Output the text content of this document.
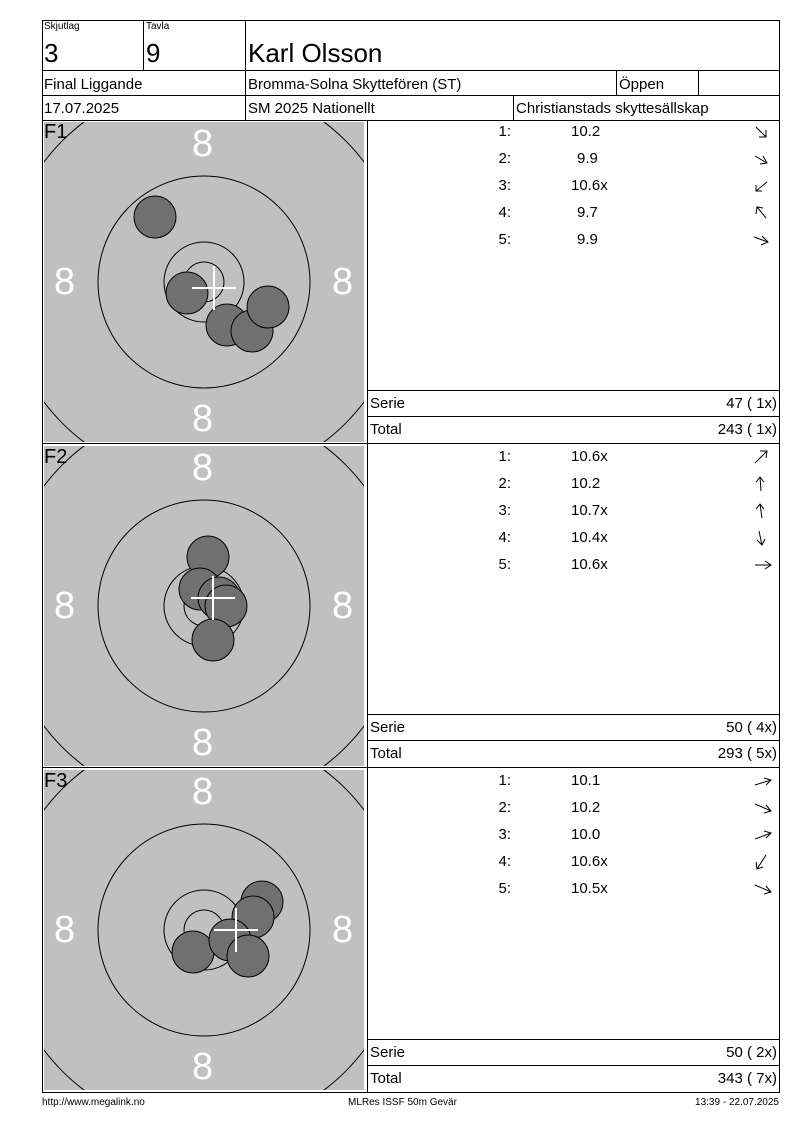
Skjutlag
3
Tavla
9	Karl Olsson
Final Liggande	Bromma-Solna Skyttefören (ST)	Öppen
17.07.2025	SM 2025 Nationellt	Christianstads skyttesällskap
8
8	8
8
F1	1:	10.2
2:	9.9
3:	10.6x
4:	9.7
5:	9.9
Serie	47 ( 1x)
Total	243 ( 1x)
8
8	8
8
F2	1:	10.6x
2:	10.2
3:	10.7x
4:	10.4x
5:	10.6x
Serie	50 ( 4x)
Total	293 ( 5x)
8
8	8
8
F3	1:	10.1
2:	10.2
3:	10.0
4:	10.6x
5:	10.5x
Serie	50 ( 2x)
Total	343 ( 7x)
http://www.megalink.no	MLRes ISSF 50m Gevär	13:39 - 22.07.2025
